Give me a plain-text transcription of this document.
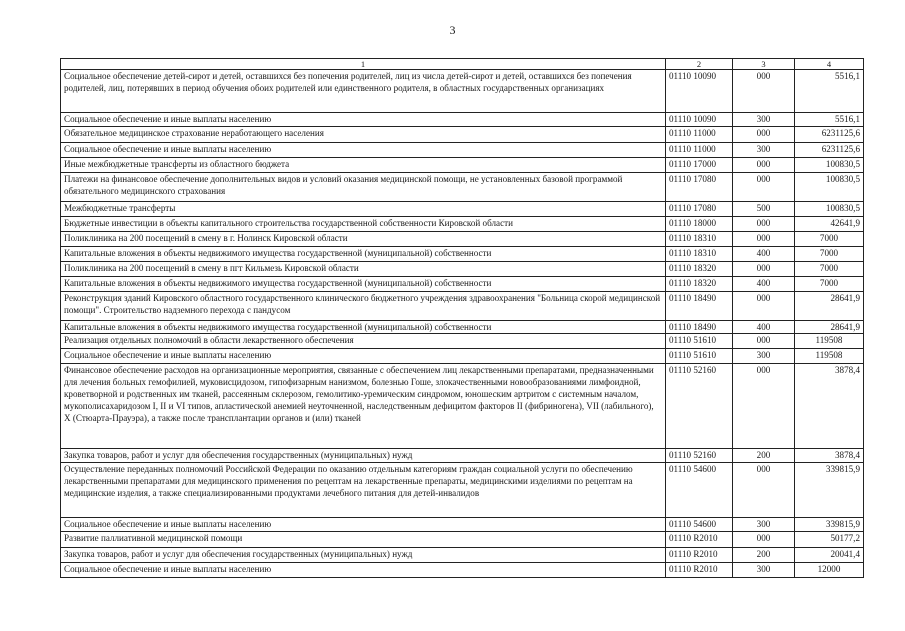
3
1	2	3	4
Социальное обеспечение детей-сирот и детей, оставшихся без попечения родителей, лиц из числа детей-сирот и детей, оставшихся без попечения родителей, лиц, потерявших в период обучения обоих родителей или единственного родителя, в областных государственных организациях	01110 10090	000	5516,1
Социальное обеспечение и иные выплаты населению	01110 10090	300	5516,1
Обязательное медицинское страхование неработающего населения	01110 11000	000	6231125,6
Социальное обеспечение и иные выплаты населению	01110 11000	300	6231125,6
Иные межбюджетные трансферты из областного бюджета	01110 17000	000	100830,5
Платежи на финансовое обеспечение дополнительных видов и условий оказания медицинской помощи, не установленных базовой программой обязательного медицинского страхования	01110 17080	000	100830,5
Межбюджетные трансферты	01110 17080	500	100830,5
Бюджетные инвестиции в объекты капитального строительства государственной собственности Кировской области	01110 18000	000	42641,9
Поликлиника на 200 посещений в смену в г. Нолинск Кировской области	01110 18310	000	7000
Капитальные вложения в объекты недвижимого имущества государственной (муниципальной) собственности	01110 18310	400	7000
Поликлиника на 200 посещений в смену в пгт Кильмезь Кировской области	01110 18320	000	7000
Капитальные вложения в объекты недвижимого имущества государственной (муниципальной) собственности	01110 18320	400	7000
Реконструкция зданий Кировского областного государственного клинического бюджетного учреждения здравоохранения "Больница скорой медицинской помощи". Строительство надземного перехода с пандусом	01110 18490	000	28641,9
Капитальные вложения в объекты недвижимого имущества государственной (муниципальной) собственности	01110 18490	400	28641,9
Реализация отдельных полномочий в области лекарственного обеспечения	01110 51610	000	119508
Социальное обеспечение и иные выплаты населению	01110 51610	300	119508
Финансовое обеспечение расходов на организационные мероприятия, связанные с обеспечением лиц лекарственными препаратами, предназначенными для лечения больных гемофилией, муковисцидозом, гипофизарным нанизмом, болезнью Гоше, злокачественными новообразованиями лимфоидной, кроветворной и родственных им тканей, рассеянным склерозом, гемолитико-уремическим синдромом, юношеским артритом с системным началом, мукополисахаридозом I, II и VI типов, апластической анемией неуточненной, наследственным дефицитом факторов II (фибриногена), VII (лабильного), X (Стюарта-Прауэра), а также после трансплантации органов и (или) тканей	01110 52160	000	3878,4
Закупка товаров, работ и услуг для обеспечения государственных (муниципальных) нужд	01110 52160	200	3878,4
Осуществление переданных полномочий Российской Федерации по оказанию отдельным категориям граждан социальной услуги по обеспечению лекарственными препаратами для медицинского применения по рецептам на лекарственные препараты, медицинскими изделиями по рецептам на медицинские изделия, а также специализированными продуктами лечебного питания для детей-инвалидов	01110 54600	000	339815,9
Социальное обеспечение и иные выплаты населению	01110 54600	300	339815,9
Развитие паллиативной медицинской помощи	01110 R2010	000	50177,2
Закупка товаров, работ и услуг для обеспечения государственных (муниципальных) нужд	01110 R2010	200	20041,4
Социальное обеспечение и иные выплаты населению	01110 R2010	300	12000
